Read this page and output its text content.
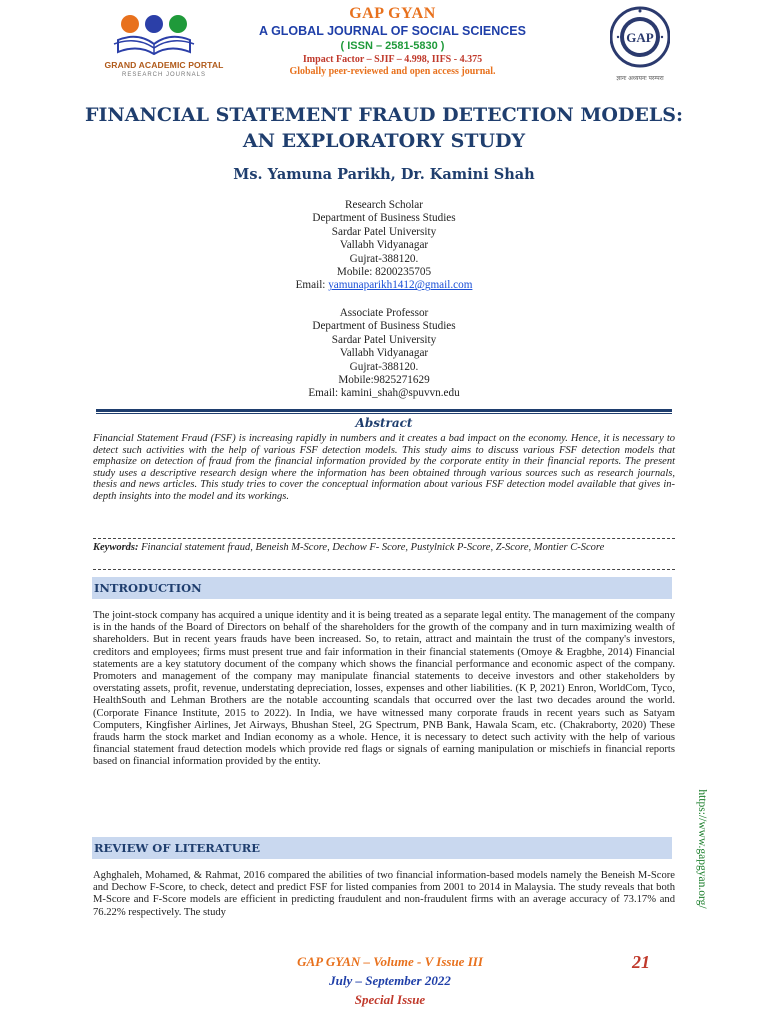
GRAND ACADEMIC PORTAL
RESEARCH JOURNALS
GAP GYAN
A GLOBAL JOURNAL OF SOCIAL SCIENCES
( ISSN – 2581-5830 )
Impact Factor – SJIF – 4.998, IIFS - 4.375
Globally peer-reviewed and open access journal.
GAP
ज्ञानः अध्ययनः परम्परा
FINANCIAL STATEMENT FRAUD DETECTION MODELS:
AN EXPLORATORY STUDY
Ms. Yamuna Parikh, Dr. Kamini Shah
Research Scholar
Department of Business Studies
Sardar Patel University
Vallabh Vidyanagar
Gujrat-388120.
Mobile: 8200235705
Email: yamunaparikh1412@gmail.com
Associate Professor
Department of Business Studies
Sardar Patel University
Vallabh Vidyanagar
Gujrat-388120.
Mobile:9825271629
Email: kamini_shah@spuvvn.edu
Abstract
Financial Statement Fraud (FSF) is increasing rapidly in numbers and it creates a bad impact on the economy. Hence, it is necessary to detect such activities with the help of various FSF detection models. This study aims to discuss various FSF detection models that emphasize on detection of fraud from the financial information provided by the corporate entity in their financial reports. The present study uses a descriptive research design where the information has been obtained through various sources such as research journals, thesis and news articles. This study tries to cover the conceptual information about various FSF detection model available that gives in-depth insights into the model and its workings.
Keywords: Financial statement fraud, Beneish M-Score, Dechow F- Score, Pustylnick P-Score, Z-Score, Montier C-Score
INTRODUCTION
The joint-stock company has acquired a unique identity and it is being treated as a separate legal entity. The management of the company is in the hands of the Board of Directors on behalf of the shareholders for the growth of the company and in turn maximizing wealth of shareholders. But in recent years frauds have been increased. So, to retain, attract and maintain the trust of the company's investors, creditors and employees; firms must present true and fair information in their financial statements (Omoye & Eragbhe, 2014) Financial statements are a key statutory document of the company which shows the financial performance and economic aspect of the company. Promoters and management of the company may manipulate financial statements to deceive investors and other stakeholders by overstating assets, profit, revenue, understating depreciation, losses, expenses and other liabilities. (K P, 2021) Enron, WorldCom, Tyco, HealthSouth and Lehman Brothers are the notable accounting scandals that occurred over the last two decades around the world. (Corporate Finance Institute, 2015 to 2022). In India, we have witnessed many corporate frauds in recent years such as Satyam Computers, Kingfisher Airlines, Jet Airways, Bhushan Steel, 2G Spectrum, PNB Bank, Hawala Scam, etc. (Chakraborty, 2020) These frauds harm the stock market and Indian economy as a whole. Hence, it is necessary to detect such activity with the help of various financial statement fraud detection models which provide red flags or signals of earning manipulation or mischiefs in financial reports based on financial information provided by the entity.
REVIEW OF LITERATURE
Aghghaleh, Mohamed, & Rahmat, 2016 compared the abilities of two financial information-based models namely the Beneish M-Score and Dechow F-Score, to check, detect and predict FSF for listed companies from 2001 to 2014 in Malaysia. The study reveals that both M-Score and F-Score models are efficient in predicting fraudulent and non-fraudulent firms with an average accuracy of 73.17% and 76.22% respectively. The study
https://www.gapgyan.org/
GAP GYAN – Volume - V Issue III
July – September 2022
Special Issue
21
